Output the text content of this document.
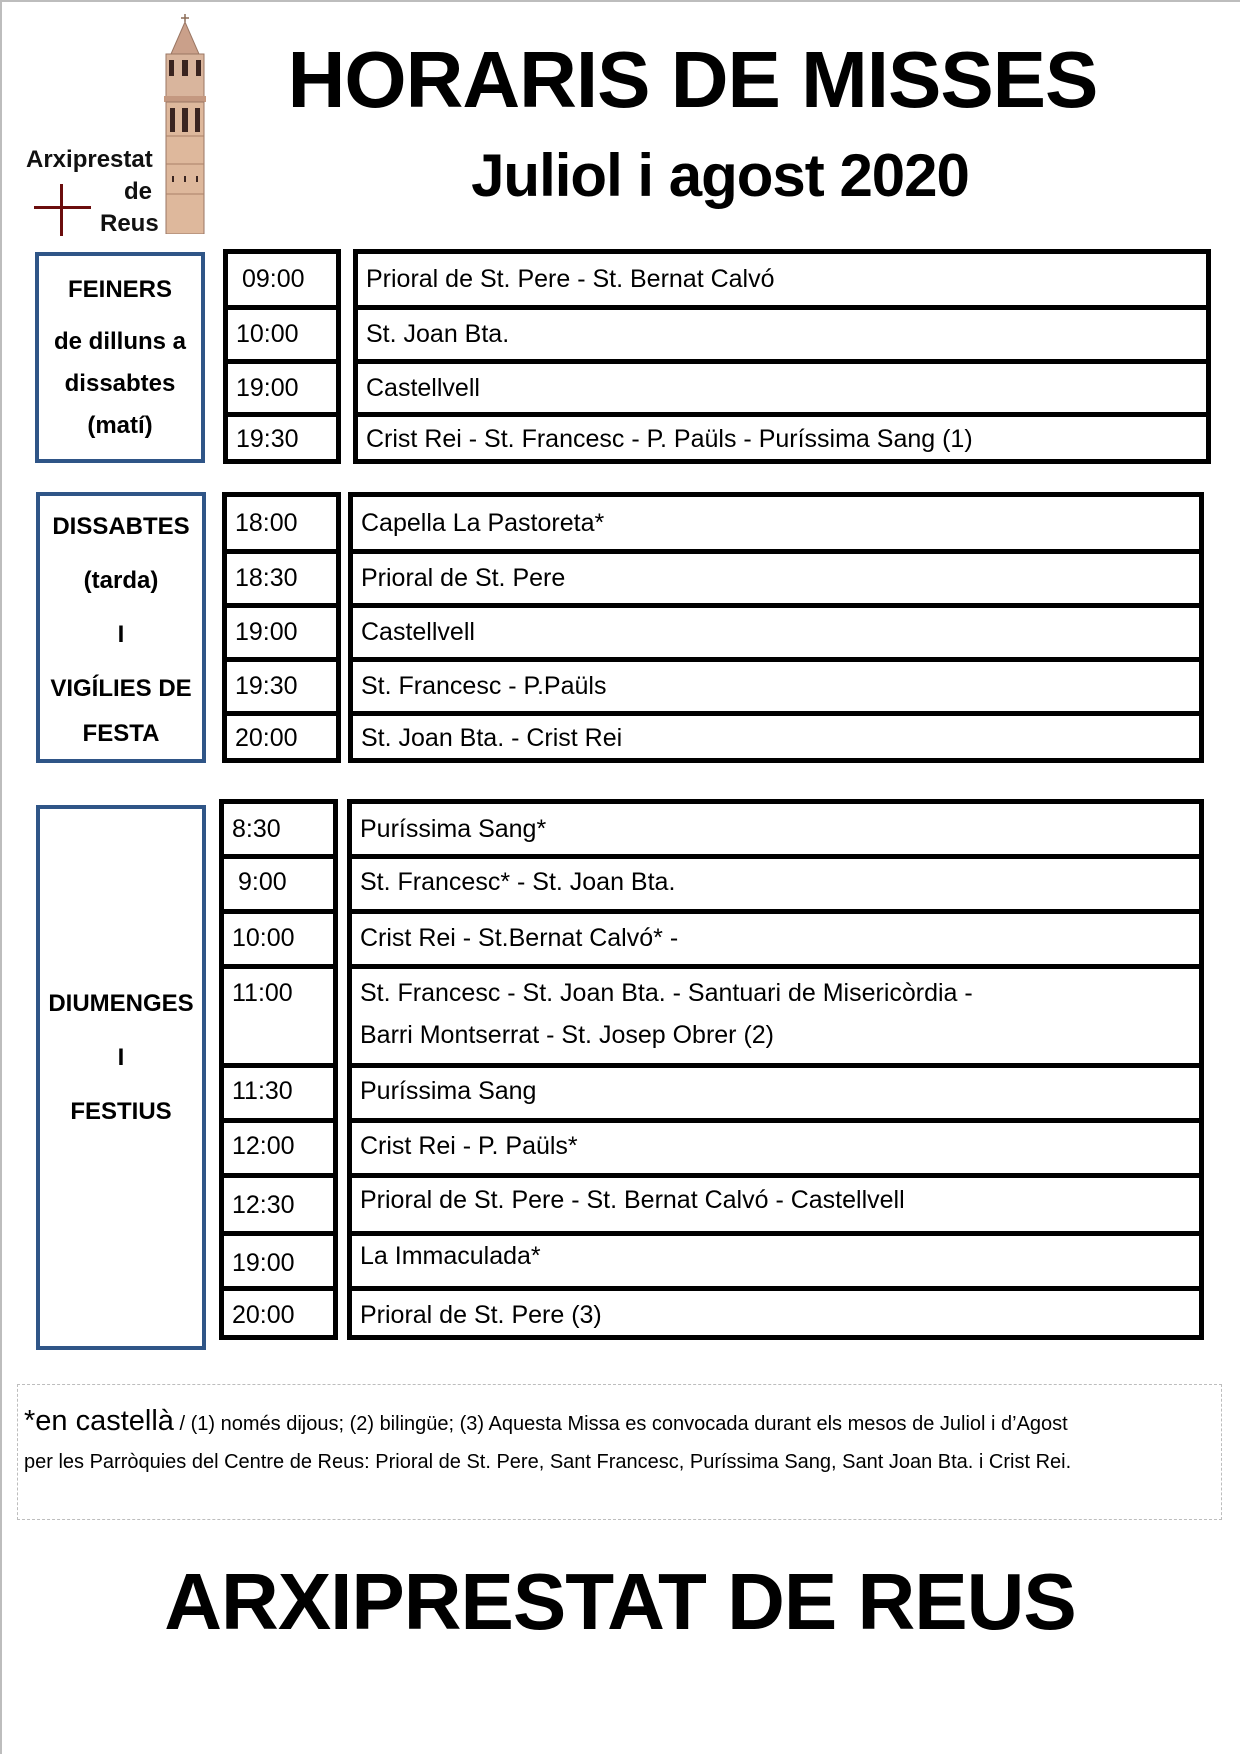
Arxiprestat
de
Reus
HORARIS DE MISSES
Juliol i agost 2020
FEINERS
de dilluns a
dissabtes
(matí)
09:00
10:00
19:00
19:30
Prioral de St. Pere - St. Bernat Calvó
St. Joan Bta.
Castellvell
Crist Rei - St. Francesc - P. Paüls - Puríssima Sang (1)
DISSABTES
(tarda)
I
VIGÍLIES DE
FESTA
18:00
18:30
19:00
19:30
20:00
Capella La Pastoreta*
Prioral de St. Pere
Castellvell
St. Francesc - P.Paüls
St. Joan Bta. - Crist Rei
DIUMENGES
I
FESTIUS
8:30
9:00
10:00
11:00
11:30
12:00
12:30
19:00
20:00
Puríssima Sang*
St. Francesc* - St. Joan Bta.
Crist Rei - St.Bernat Calvó* -
St. Francesc - St. Joan Bta. - Santuari de Misericòrdia -
Barri Montserrat - St. Josep Obrer (2)
Puríssima Sang
Crist Rei - P. Paüls*
Prioral de St. Pere - St. Bernat Calvó - Castellvell
La Immaculada*
Prioral de St. Pere (3)
*en castellà / (1) només dijous; (2) bilingüe; (3) Aquesta Missa es convocada durant els mesos de Juliol i d’Agost
per les Parròquies del Centre de Reus: Prioral de St. Pere, Sant Francesc, Puríssima Sang, Sant Joan Bta. i Crist Rei.
ARXIPRESTAT DE REUS
